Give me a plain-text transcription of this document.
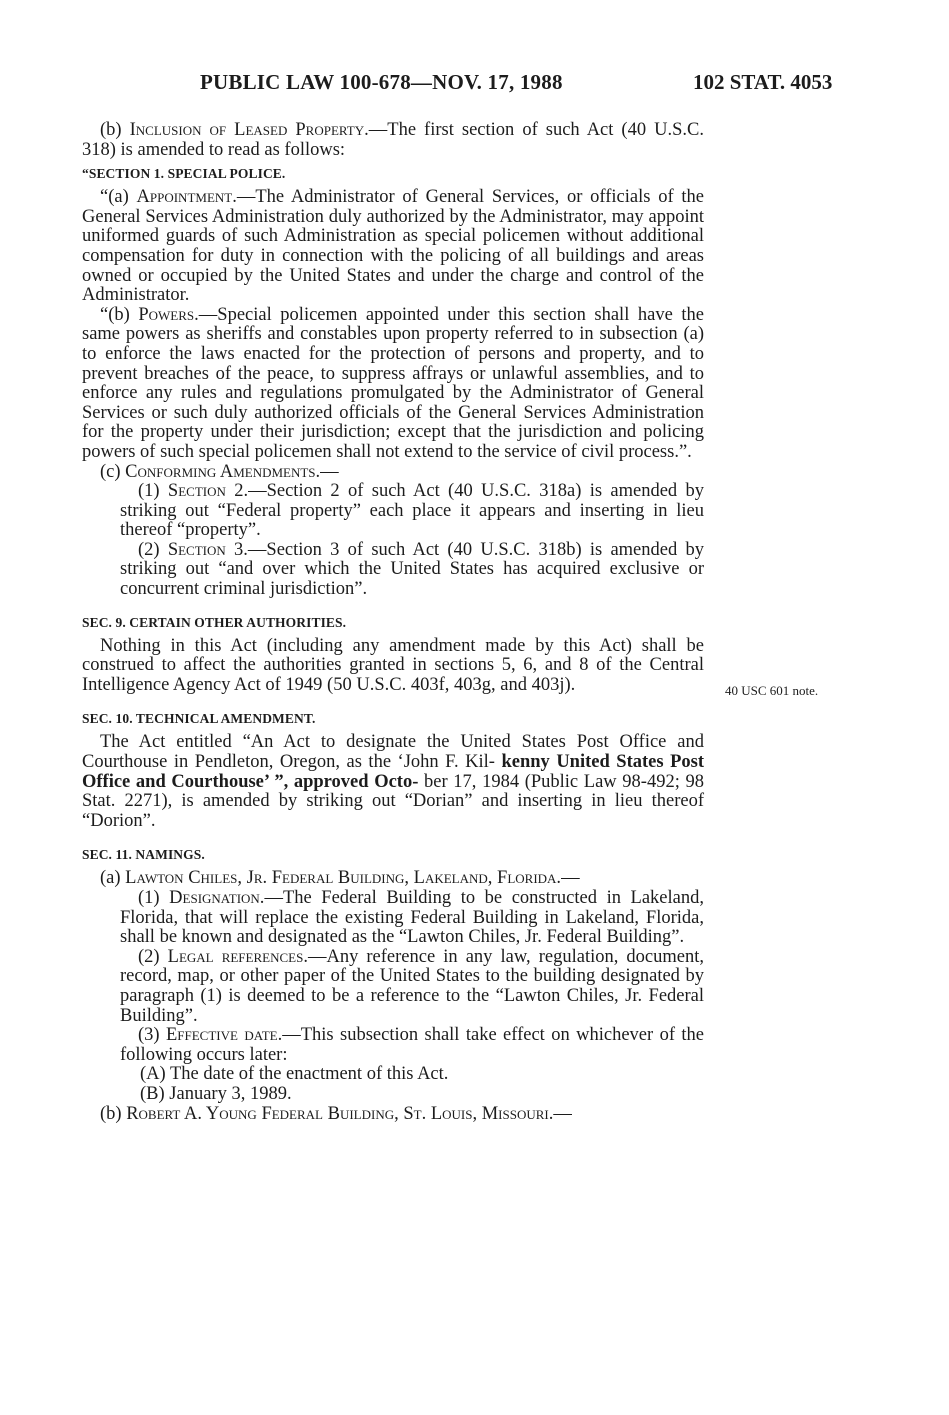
PUBLIC LAW 100-678—NOV. 17, 1988	102 STAT. 4053

40 USC 601 note.

(b) Inclusion of Leased Property.—The first section of such Act (40 U.S.C. 318) is amended to read as follows:

“SECTION 1. SPECIAL POLICE.

“(a) Appointment.—The Administrator of General Services, or officials of the General Services Administration duly authorized by the Administrator, may appoint uniformed guards of such Administration as special policemen without additional compensation for duty in connection with the policing of all buildings and areas owned or occupied by the United States and under the charge and control of the Administrator.

“(b) Powers.—Special policemen appointed under this section shall have the same powers as sheriffs and constables upon property referred to in subsection (a) to enforce the laws enacted for the protection of persons and property, and to prevent breaches of the peace, to suppress affrays or unlawful assemblies, and to enforce any rules and regulations promulgated by the Administrator of General Services or such duly authorized officials of the General Services Administration for the property under their jurisdiction; except that the jurisdiction and policing powers of such special policemen shall not extend to the service of civil process.”.

(c) Conforming Amendments.—

(1) Section 2.—Section 2 of such Act (40 U.S.C. 318a) is amended by striking out “Federal property” each place it appears and inserting in lieu thereof “property”.

(2) Section 3.—Section 3 of such Act (40 U.S.C. 318b) is amended by striking out “and over which the United States has acquired exclusive or concurrent criminal jurisdiction”.

SEC. 9. CERTAIN OTHER AUTHORITIES.

Nothing in this Act (including any amendment made by this Act) shall be construed to affect the authorities granted in sections 5, 6, and 8 of the Central Intelligence Agency Act of 1949 (50 U.S.C. 403f, 403g, and 403j).

SEC. 10. TECHNICAL AMENDMENT.

The Act entitled “An Act to designate the United States Post Office and Courthouse in Pendleton, Oregon, as the ‘John F. Kil- kenny United States Post Office and Courthouse’ ”, approved Octo- ber 17, 1984 (Public Law 98-492; 98 Stat. 2271), is amended by striking out “Dorian” and inserting in lieu thereof “Dorion”.

SEC. 11. NAMINGS.

(a) Lawton Chiles, Jr. Federal Building, Lakeland, Florida.—

(1) Designation.—The Federal Building to be constructed in Lakeland, Florida, that will replace the existing Federal Building in Lakeland, Florida, shall be known and designated as the “Lawton Chiles, Jr. Federal Building”.

(2) Legal references.—Any reference in any law, regulation, document, record, map, or other paper of the United States to the building designated by paragraph (1) is deemed to be a reference to the “Lawton Chiles, Jr. Federal Building”.

(3) Effective date.—This subsection shall take effect on whichever of the following occurs later:

(A) The date of the enactment of this Act.

(B) January 3, 1989.

(b) Robert A. Young Federal Building, St. Louis, Missouri.—
